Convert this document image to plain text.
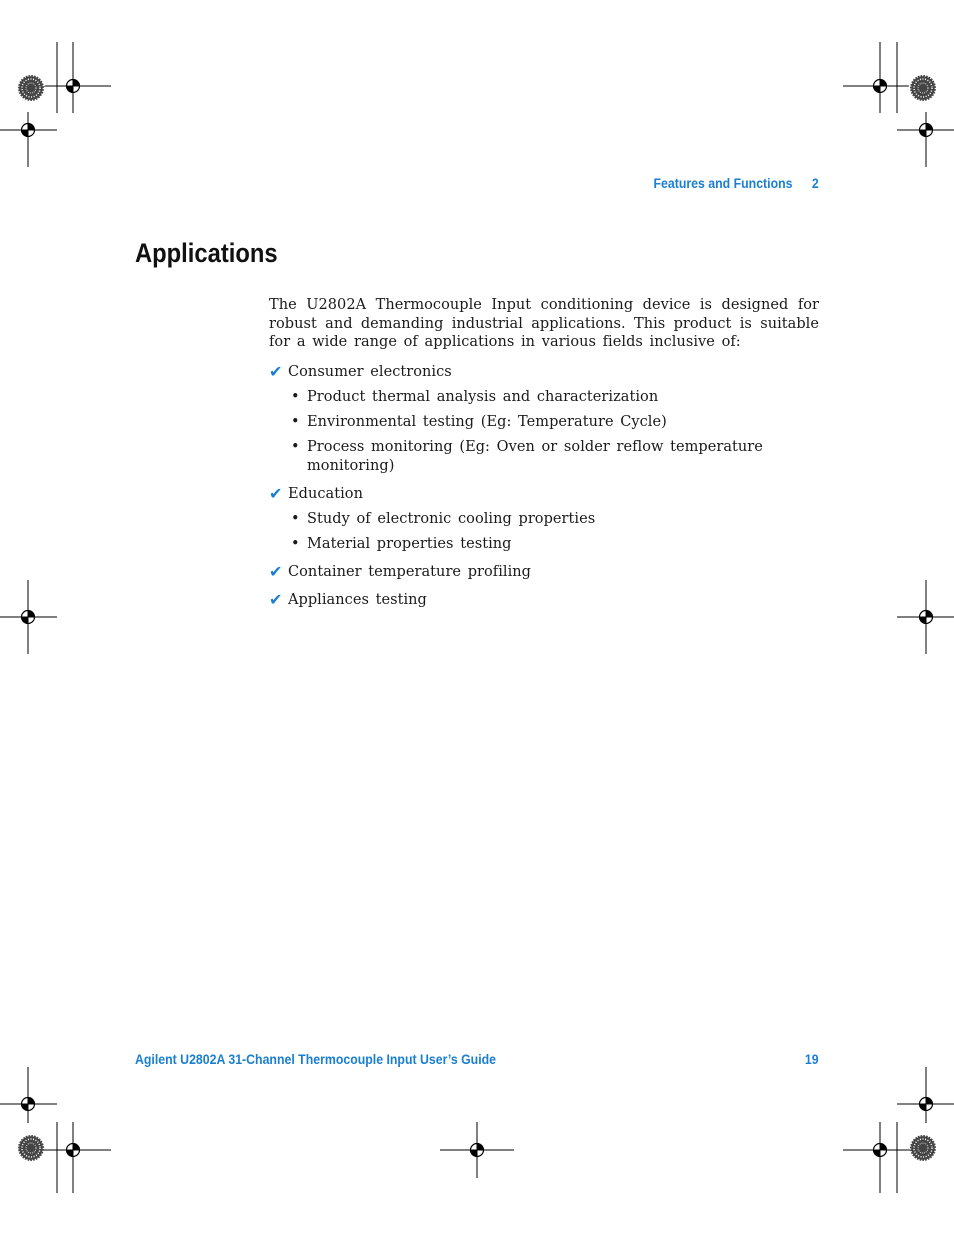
Features and Functions 2
Applications

The U2802A Thermocouple Input conditioning device is designed for robust and demanding industrial applications. This product is suitable for a wide range of applications in various fields inclusive of:

✔ Consumer electronics

• Product thermal analysis and characterization
• Environmental testing (Eg: Temperature Cycle)
• Process monitoring (Eg: Oven or solder reflow temperature monitoring)

✔ Education

• Study of electronic cooling properties
• Material properties testing

✔ Container temperature profiling

✔ Appliances testing

Agilent U2802A 31-Channel Thermocouple Input User’s Guide	19
